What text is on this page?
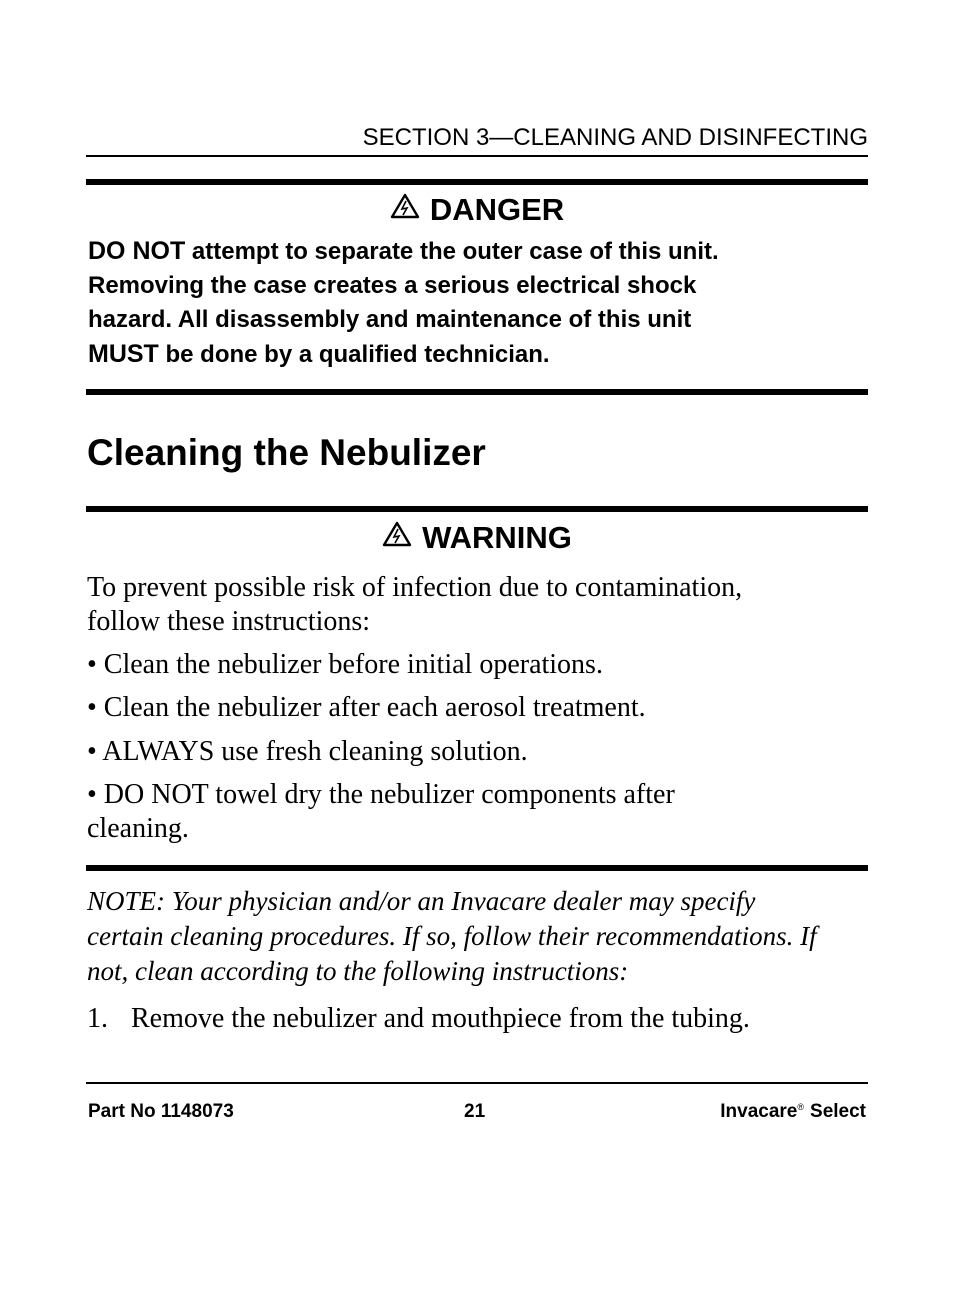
SECTION 3—CLEANING AND DISINFECTING
DANGER
DO NOT attempt to separate the outer case of this unit.
Removing the case creates a serious electrical shock
hazard. All disassembly and maintenance of this unit
MUST be done by a qualified technician.
Cleaning the Nebulizer
WARNING
To prevent possible risk of infection due to contamination,
follow these instructions:
• Clean the nebulizer before initial operations.
• Clean the nebulizer after each aerosol treatment.
• ALWAYS use fresh cleaning solution.
• DO NOT towel dry the nebulizer components after
cleaning.
NOTE: Your physician and/or an Invacare dealer may specify
certain cleaning procedures. If so, follow their recommendations. If
not, clean according to the following instructions:
1. Remove the nebulizer and mouthpiece from the tubing.
Part No 1148073	21	Invacare® Select
